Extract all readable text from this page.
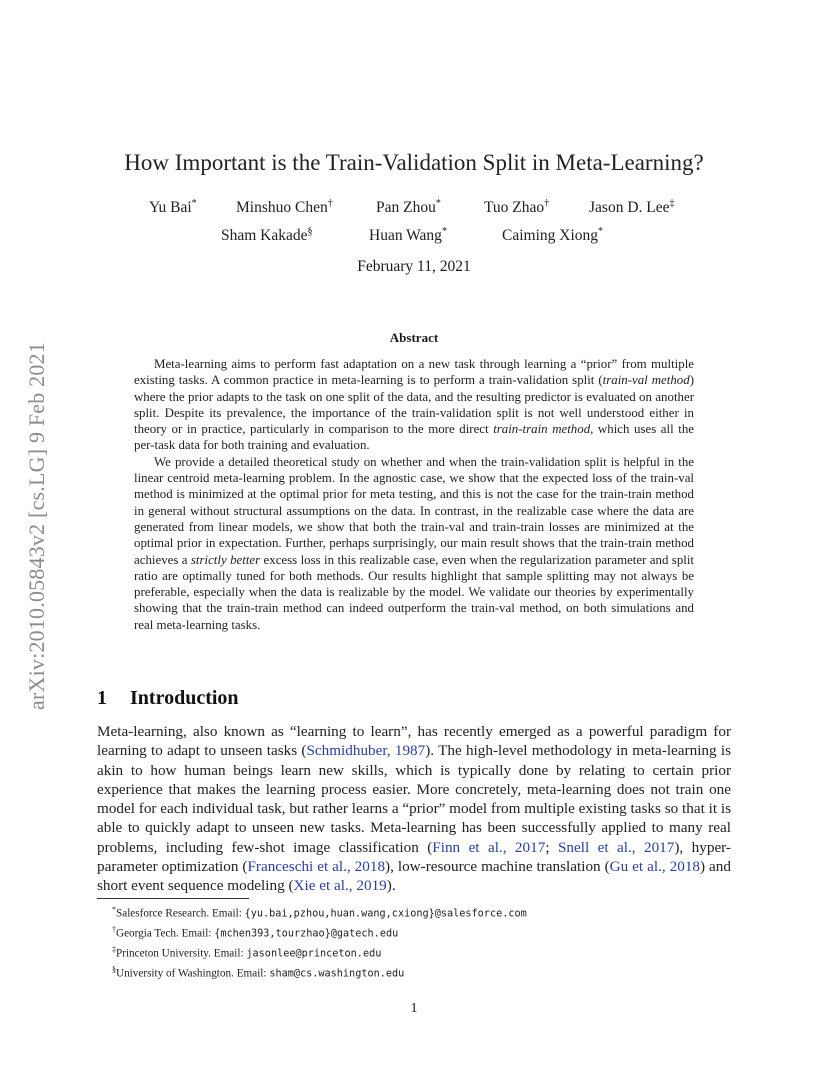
arXiv:2010.05843v2 [cs.LG] 9 Feb 2021
How Important is the Train-Validation Split in Meta-Learning?
Yu Bai*	Minshuo Chen†	Pan Zhou*	Tuo Zhao†	Jason D. Lee‡
Sham Kakade§	Huan Wang*	Caiming Xiong*
February 11, 2021
Abstract

Meta-learning aims to perform fast adaptation on a new task through learning a “prior” from multiple existing tasks. A common practice in meta-learning is to perform a train-validation split (train-val method) where the prior adapts to the task on one split of the data, and the resulting predictor is evaluated on another split. Despite its prevalence, the importance of the train-validation split is not well understood either in theory or in practice, particularly in comparison to the more direct train-train method, which uses all the per-task data for both training and evaluation.

We provide a detailed theoretical study on whether and when the train-validation split is helpful in the linear centroid meta-learning problem. In the agnostic case, we show that the expected loss of the train-val method is minimized at the optimal prior for meta testing, and this is not the case for the train-train method in general without structural assumptions on the data. In contrast, in the realizable case where the data are generated from linear models, we show that both the train-val and train-train losses are minimized at the optimal prior in expectation. Further, perhaps surprisingly, our main result shows that the train-train method achieves a strictly better excess loss in this realizable case, even when the regularization parameter and split ratio are optimally tuned for both methods. Our results highlight that sample splitting may not always be preferable, especially when the data is realizable by the model. We validate our theories by experimentally showing that the train-train method can indeed outperform the train-val method, on both simulations and real meta-learning tasks.

1 Introduction

Meta-learning, also known as “learning to learn”, has recently emerged as a powerful paradigm for learning to adapt to unseen tasks (Schmidhuber, 1987). The high-level methodology in meta-learning is akin to how human beings learn new skills, which is typically done by relating to certain prior experience that makes the learning process easier. More concretely, meta-learning does not train one model for each individual task, but rather learns a “prior” model from multiple existing tasks so that it is able to quickly adapt to unseen new tasks. Meta-learning has been successfully applied to many real problems, including few-shot image classification (Finn et al., 2017; Snell et al., 2017), hyper-parameter optimization (Franceschi et al., 2018), low-resource machine translation (Gu et al., 2018) and short event sequence modeling (Xie et al., 2019).

*Salesforce Research. Email: {yu.bai,pzhou,huan.wang,cxiong}@salesforce.com
†Georgia Tech. Email: {mchen393,tourzhao}@gatech.edu
‡Princeton University. Email: jasonlee@princeton.edu
§University of Washington. Email: sham@cs.washington.edu
1
